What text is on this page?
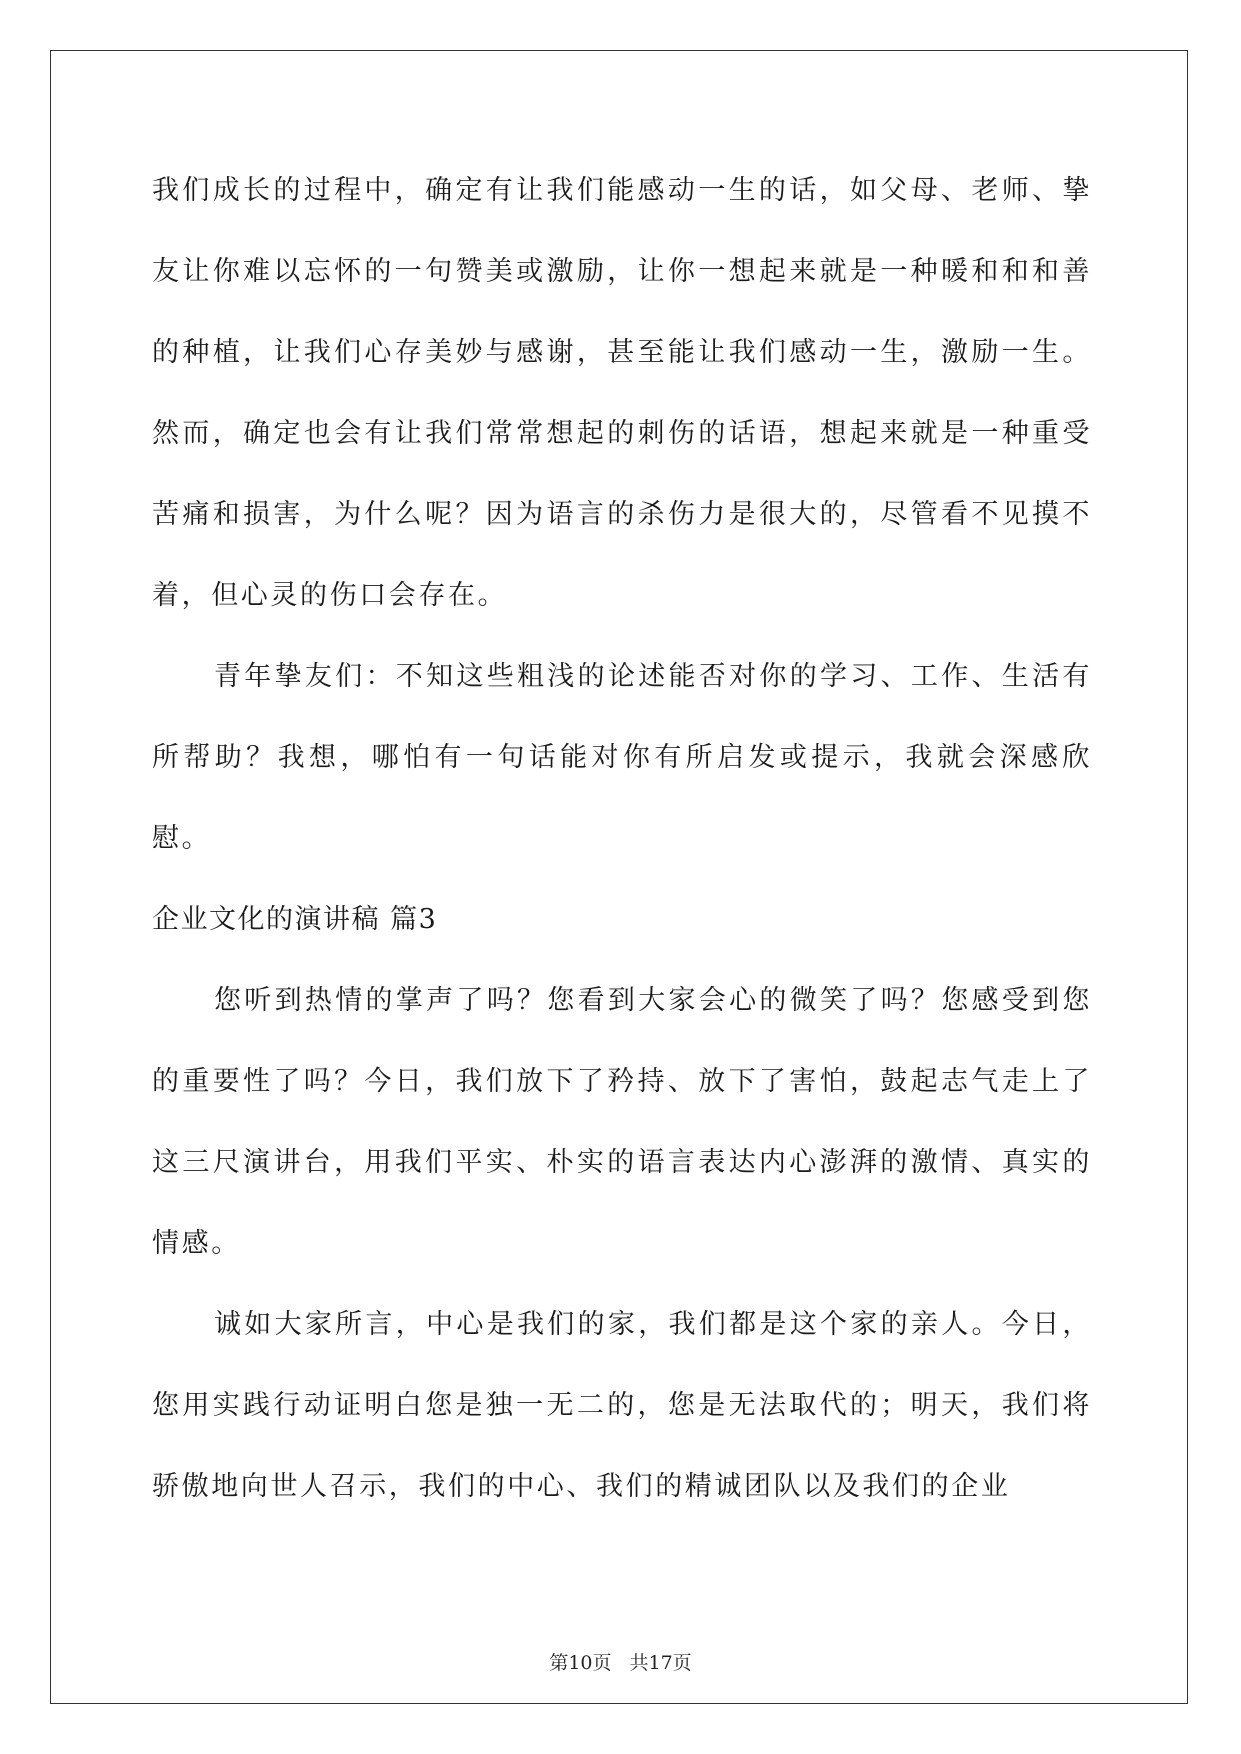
我们成长的过程中，确定有让我们能感动一生的话，如父母、老师、挚友让你难以忘怀的一句赞美或激励，让你一想起来就是一种暖和和和善的种植，让我们心存美妙与感谢，甚至能让我们感动一生，激励一生。然而，确定也会有让我们常常想起的刺伤的话语，想起来就是一种重受苦痛和损害，为什么呢？因为语言的杀伤力是很大的，尽管看不见摸不着，但心灵的伤口会存在。

青年挚友们：不知这些粗浅的论述能否对你的学习、工作、生活有所帮助？我想，哪怕有一句话能对你有所启发或提示，我就会深感欣慰。

企业文化的演讲稿 篇3

您听到热情的掌声了吗？您看到大家会心的微笑了吗？您感受到您的重要性了吗？今日，我们放下了矜持、放下了害怕，鼓起志气走上了这三尺演讲台，用我们平实、朴实的语言表达内心澎湃的激情、真实的情感。

诚如大家所言，中心是我们的家，我们都是这个家的亲人。今日，您用实践行动证明白您是独一无二的，您是无法取代的；明天，我们将骄傲地向世人召示，我们的中心、我们的精诚团队以及我们的企业

第10页 共17页
